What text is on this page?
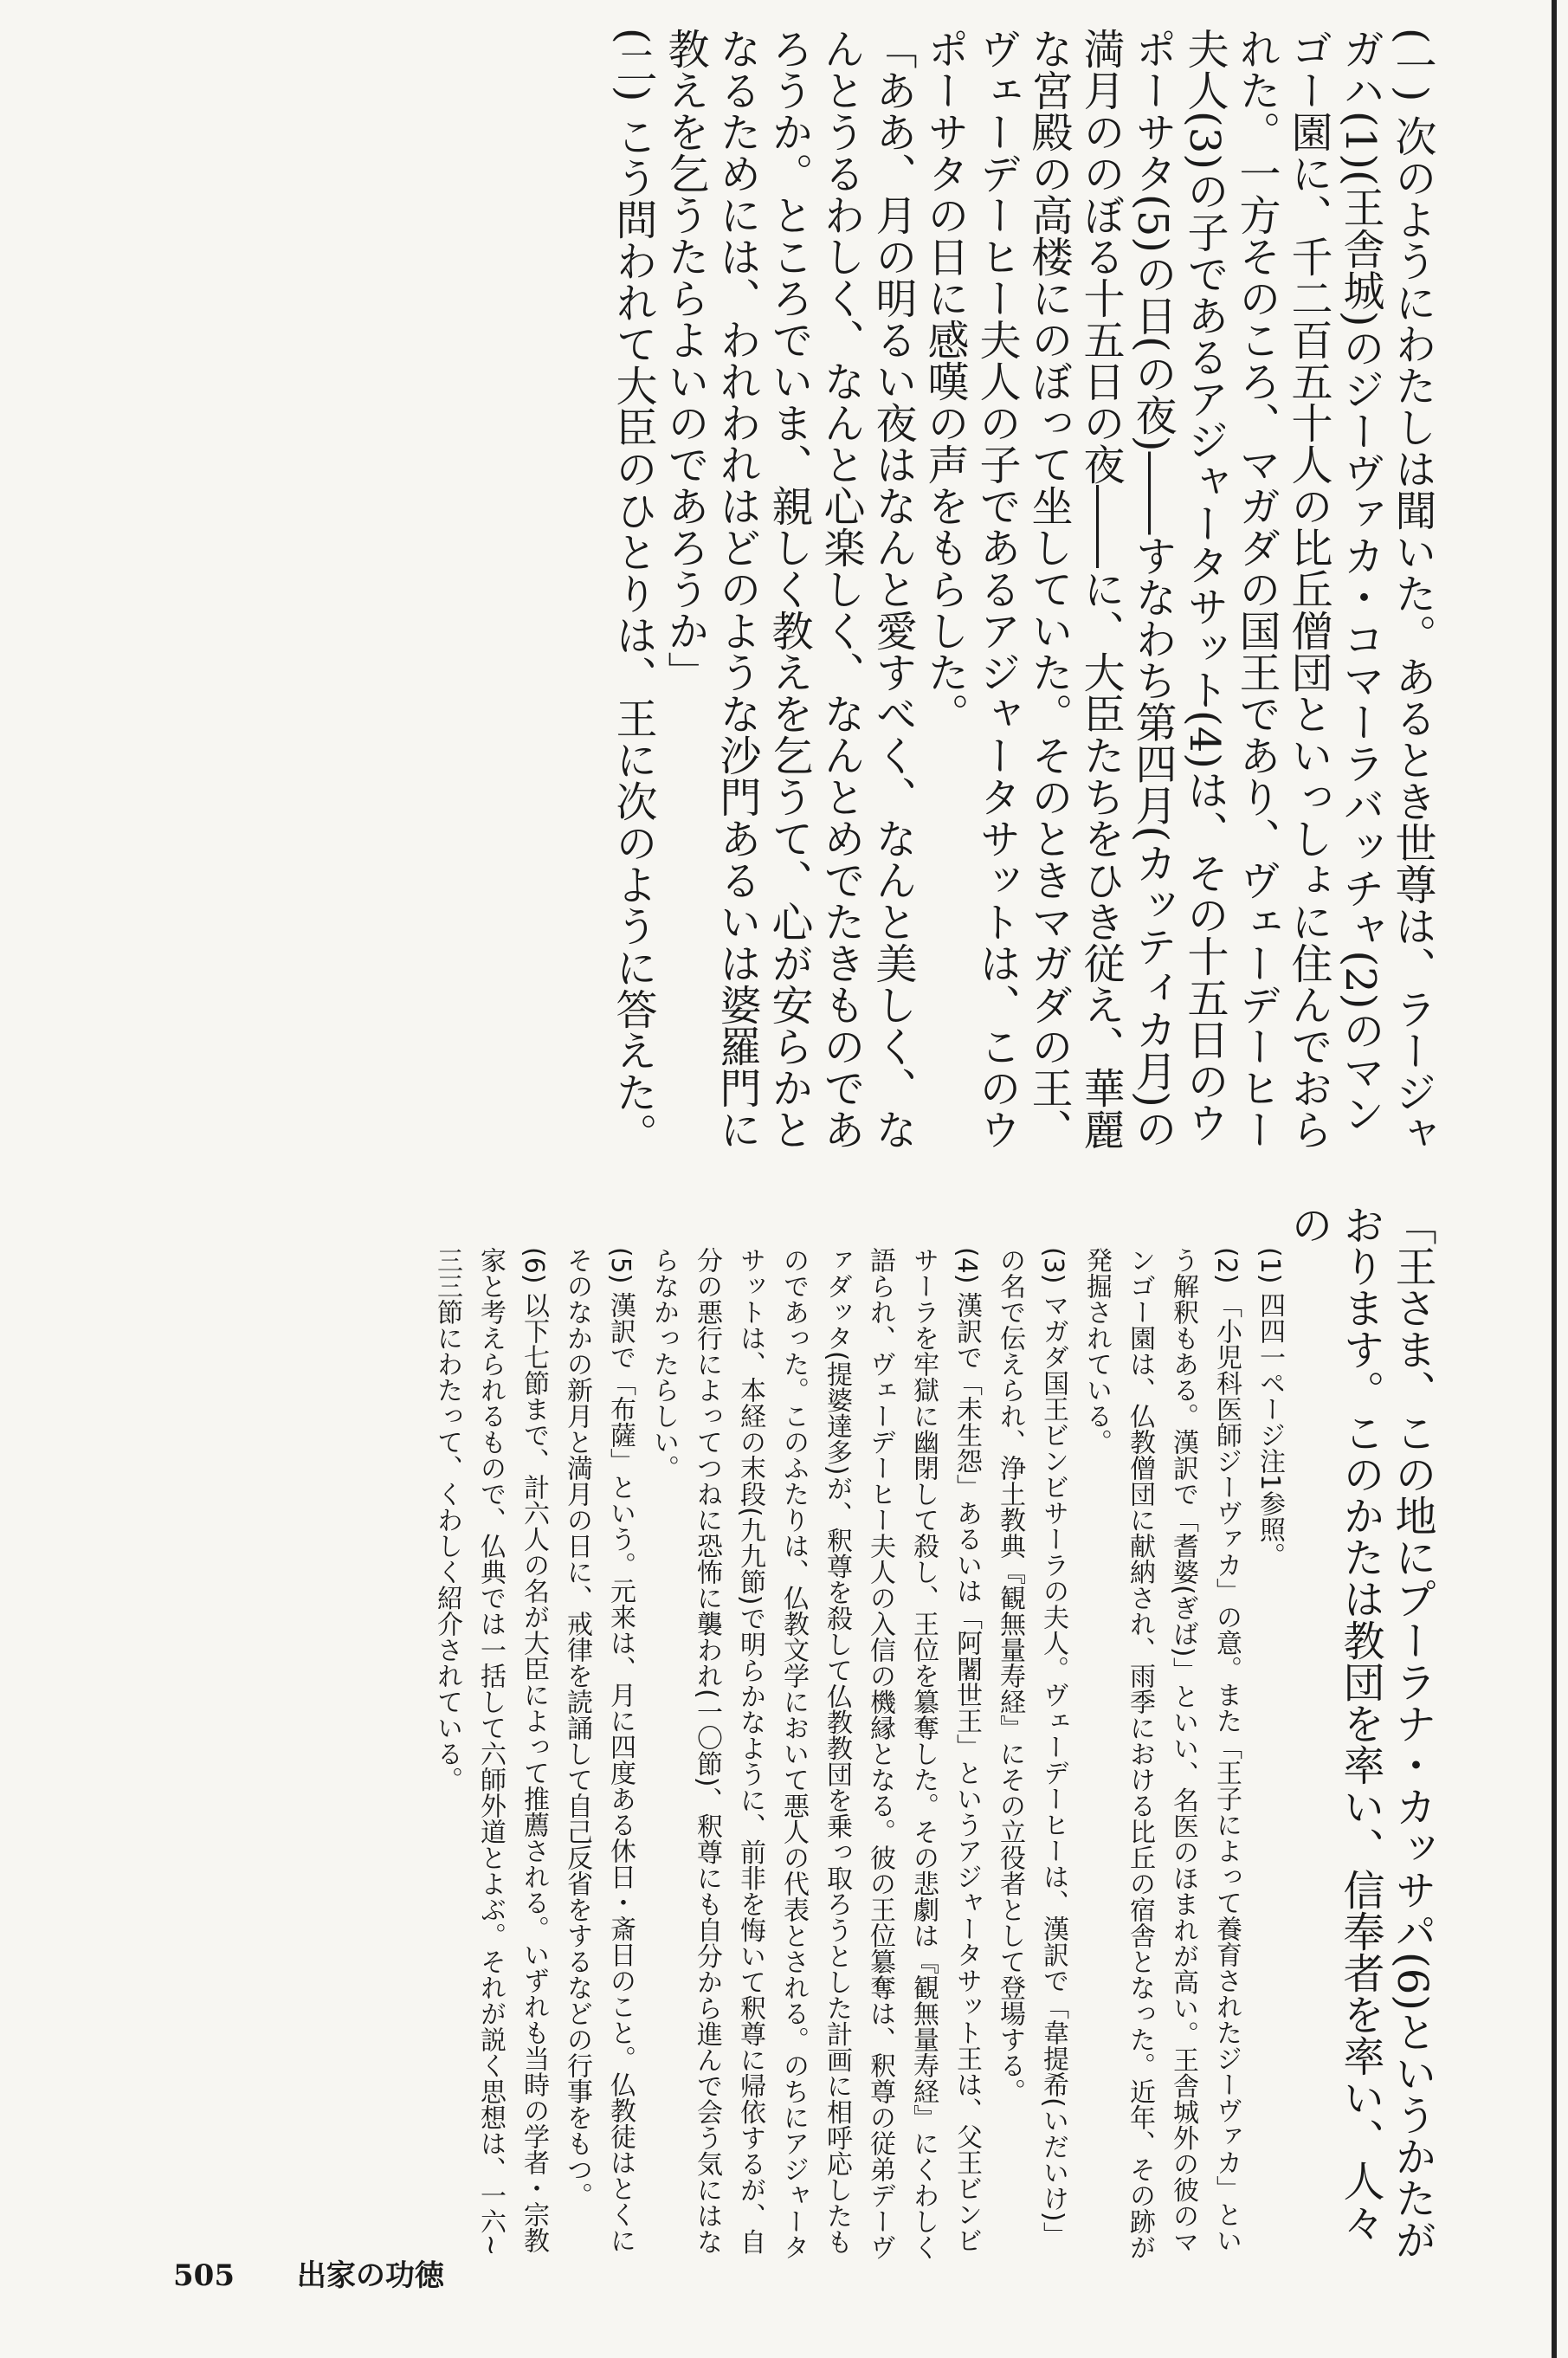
(一) 次のようにわたしは聞いた。あるとき世尊は、ラージャガハ(1)(王舎城)のジーヴァカ・コマーラバッチャ(2)のマンゴー園に、千二百五十人の比丘僧団といっしょに住んでおられた。一方そのころ、マガダの国王であり、ヴェーデーヒー夫人(3)の子であるアジャータサット(4)は、その十五日のウポーサタ(5)の日(の夜)――すなわち第四月(カッティカ月)の満月ののぼる十五日の夜――に、大臣たちをひき従え、華麗な宮殿の高楼にのぼって坐していた。そのときマガダの王、ヴェーデーヒー夫人の子であるアジャータサットは、このウポーサタの日に感嘆の声をもらした。

「ああ、月の明るい夜はなんと愛すべく、なんと美しく、なんとうるわしく、なんと心楽しく、なんとめでたきものであろうか。ところでいま、親しく教えを乞うて、心が安らかとなるためには、われわれはどのような沙門あるいは婆羅門に教えを乞うたらよいのであろうか」

(二) こう問われて大臣のひとりは、王に次のように答えた。

「王さま、この地にプーラナ・カッサパ(6)というかたがおります。このかたは教団を率い、信奉者を率い、人々の

(1) 四四一ページ注1参照。

(2) 「小児科医師ジーヴァカ」の意。また「王子によって養育されたジーヴァカ」という解釈もある。漢訳で「耆婆(ぎば)」といい、名医のほまれが高い。王舎城外の彼のマンゴー園は、仏教僧団に献納され、雨季における比丘の宿舎となった。近年、その跡が発掘されている。

(3) マガダ国王ビンビサーラの夫人。ヴェーデーヒーは、漢訳で「韋提希(いだいけ)」の名で伝えられ、浄土教典『観無量寿経』にその立役者として登場する。

(4) 漢訳で「未生怨」あるいは「阿闍世王」というアジャータサット王は、父王ビンビサーラを牢獄に幽閉して殺し、王位を簒奪した。その悲劇は『観無量寿経』にくわしく語られ、ヴェーデーヒー夫人の入信の機縁となる。彼の王位簒奪は、釈尊の従弟デーヴァダッタ(提婆達多)が、釈尊を殺して仏教教団を乗っ取ろうとした計画に相呼応したものであった。このふたりは、仏教文学において悪人の代表とされる。のちにアジャータサットは、本経の末段(九九節)で明らかなように、前非を悔いて釈尊に帰依するが、自分の悪行によってつねに恐怖に襲われ(一〇節)、釈尊にも自分から進んで会う気にはならなかったらしい。

(5) 漢訳で「布薩」という。元来は、月に四度ある休日・斎日のこと。仏教徒はとくにそのなかの新月と満月の日に、戒律を読誦して自己反省をするなどの行事をもつ。

(6) 以下七節まで、計六人の名が大臣によって推薦される。いずれも当時の学者・宗教家と考えられるもので、仏典では一括して六師外道とよぶ。それが説く思想は、一六~三三節にわたって、くわしく紹介されている。

505 出家の功徳
